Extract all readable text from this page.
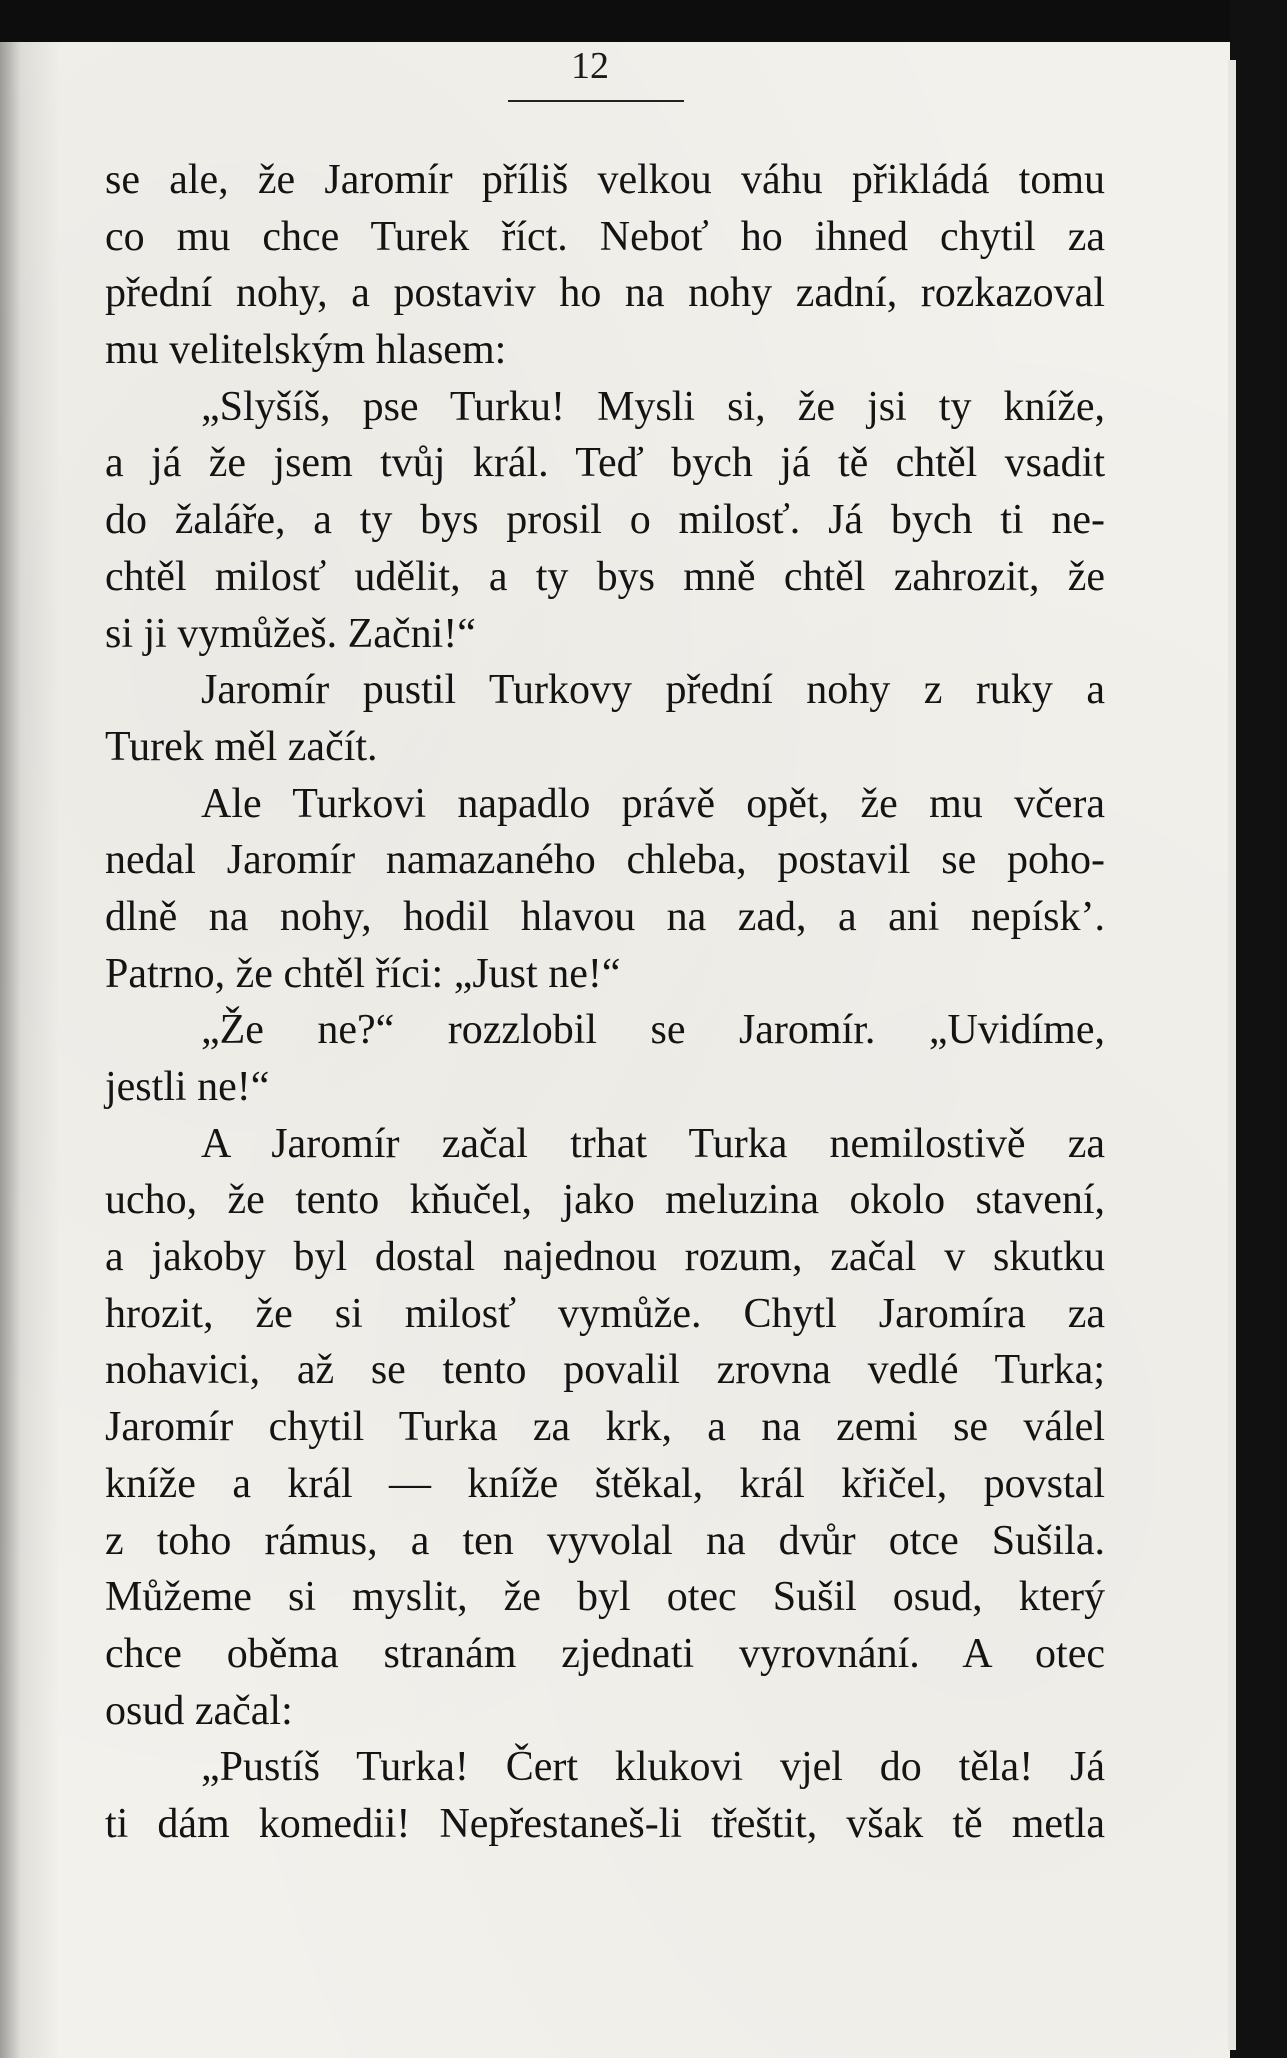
12
se ale, že Jaromír příliš velkou váhu přikládá tomu
co mu chce Turek říct. Neboť ho ihned chytil za
přední nohy, a postaviv ho na nohy zadní, rozkazoval
mu velitelským hlasem:
„Slyšíš, pse Turku! Mysli si, že jsi ty kníže,
a já že jsem tvůj král. Teď bych já tě chtěl vsadit
do žaláře, a ty bys prosil o milosť. Já bych ti ne-
chtěl milosť udělit, a ty bys mně chtěl zahrozit, že
si ji vymůžeš. Začni!“
Jaromír pustil Turkovy přední nohy z ruky a
Turek měl začít.
Ale Turkovi napadlo právě opět, že mu včera
nedal Jaromír namazaného chleba, postavil se poho-
dlně na nohy, hodil hlavou na zad, a ani nepísk’.
Patrno, že chtěl říci: „Just ne!“
„Že ne?“ rozzlobil se Jaromír. „Uvidíme,
jestli ne!“
A Jaromír začal trhat Turka nemilostivě za
ucho, že tento kňučel, jako meluzina okolo stavení,
a jakoby byl dostal najednou rozum, začal v skutku
hrozit, že si milosť vymůže. Chytl Jaromíra za
nohavici, až se tento povalil zrovna vedlé Turka;
Jaromír chytil Turka za krk, a na zemi se válel
kníže a král — kníže štěkal, král křičel, povstal
z toho rámus, a ten vyvolal na dvůr otce Sušila.
Můžeme si myslit, že byl otec Sušil osud, který
chce oběma stranám zjednati vyrovnání. A otec
osud začal:
„Pustíš Turka! Čert klukovi vjel do těla! Já
ti dám komedii! Nepřestaneš-li třeštit, však tě metla
